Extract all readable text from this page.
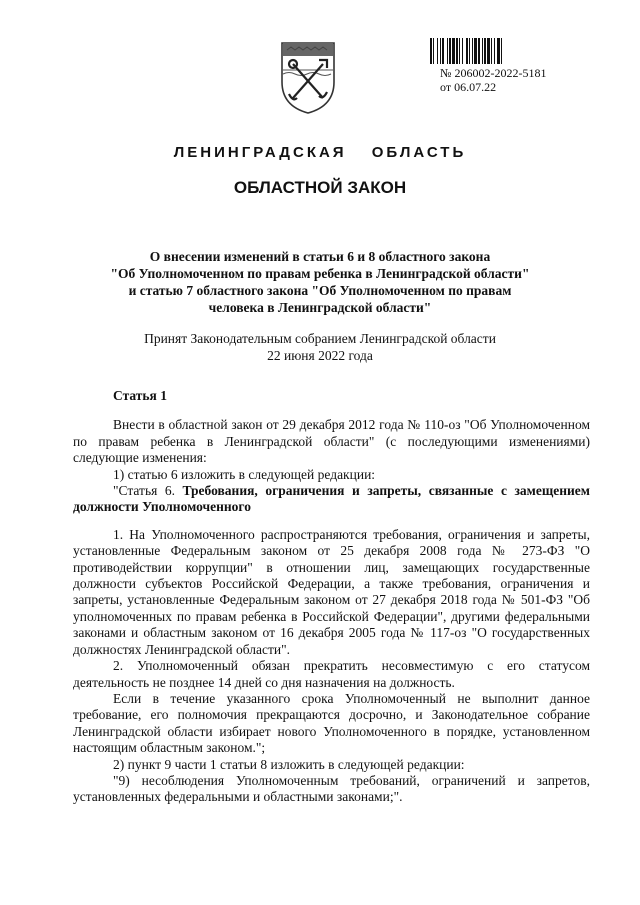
№ 206002-2022-5181
от 06.07.22
ЛЕНИНГРАДСКАЯ ОБЛАСТЬ
ОБЛАСТНОЙ ЗАКОН
О внесении изменений в статьи 6 и 8 областного закона
"Об Уполномоченном по правам ребенка в Ленинградской области"
и статью 7 областного закона "Об Уполномоченном по правам
человека в Ленинградской области"
Принят Законодательным собранием Ленинградской области
22 июня 2022 года
Статья 1

Внести в областной закон от 29 декабря 2012 года № 110-оз "Об Уполномоченном по правам ребенка в Ленинградской области" (с последующими изменениями) следующие изменения:

1) статью 6 изложить в следующей редакции:

"Статья 6. Требования, ограничения и запреты, связанные с замещением должности Уполномоченного

1. На Уполномоченного распространяются требования, ограничения и запреты, установленные Федеральным законом от 25 декабря 2008 года № 273-ФЗ "О противодействии коррупции" в отношении лиц, замещающих государственные должности субъектов Российской Федерации, а также требования, ограничения и запреты, установленные Федеральным законом от 27 декабря 2018 года № 501-ФЗ "Об уполномоченных по правам ребенка в Российской Федерации", другими федеральными законами и областным законом от 16 декабря 2005 года № 117-оз "О государственных должностях Ленинградской области".

2. Уполномоченный обязан прекратить несовместимую с его статусом деятельность не позднее 14 дней со дня назначения на должность.

Если в течение указанного срока Уполномоченный не выполнит данное требование, его полномочия прекращаются досрочно, и Законодательное собрание Ленинградской области избирает нового Уполномоченного в порядке, установленном настоящим областным законом.";

2) пункт 9 части 1 статьи 8 изложить в следующей редакции:

"9) несоблюдения Уполномоченным требований, ограничений и запретов, установленных федеральными и областными законами;".
